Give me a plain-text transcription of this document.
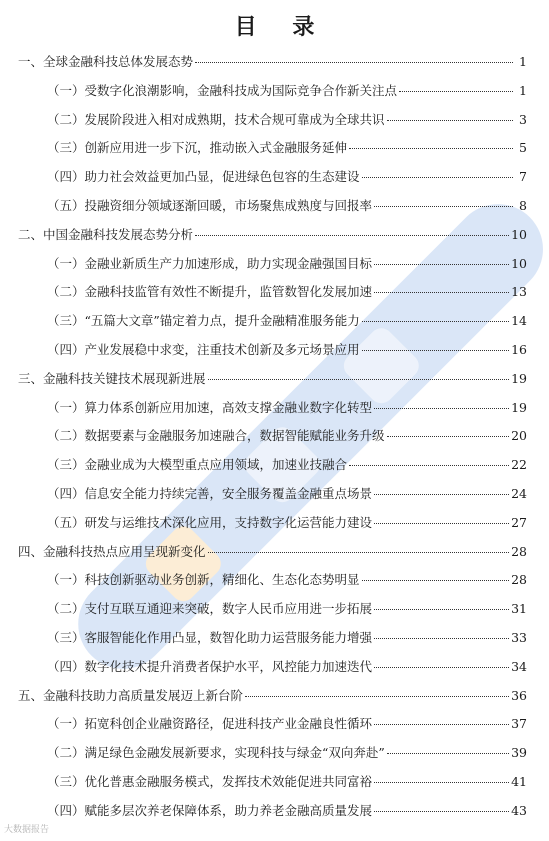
目 录
一、全球金融科技总体发展态势	1
（一）受数字化浪潮影响，金融科技成为国际竞争合作新关注点	1
（二）发展阶段进入相对成熟期，技术合规可靠成为全球共识	3
（三）创新应用进一步下沉，推动嵌入式金融服务延伸	5
（四）助力社会效益更加凸显，促进绿色包容的生态建设	7
（五）投融资细分领域逐渐回暖，市场聚焦成熟度与回报率	8
二、中国金融科技发展态势分析	10
（一）金融业新质生产力加速形成，助力实现金融强国目标	10
（二）金融科技监管有效性不断提升，监管数智化发展加速	13
（三）“五篇大文章”锚定着力点，提升金融精准服务能力	14
（四）产业发展稳中求变，注重技术创新及多元场景应用	16
三、金融科技关键技术展现新进展	19
（一）算力体系创新应用加速，高效支撑金融业数字化转型	19
（二）数据要素与金融服务加速融合，数据智能赋能业务升级	20
（三）金融业成为大模型重点应用领域，加速业技融合	22
（四）信息安全能力持续完善，安全服务覆盖金融重点场景	24
（五）研发与运维技术深化应用，支持数字化运营能力建设	27
四、金融科技热点应用呈现新变化	28
（一）科技创新驱动业务创新，精细化、生态化态势明显	28
（二）支付互联互通迎来突破，数字人民币应用进一步拓展	31
（三）客服智能化作用凸显，数智化助力运营服务能力增强	33
（四）数字化技术提升消费者保护水平，风控能力加速迭代	34
五、金融科技助力高质量发展迈上新台阶	36
（一）拓宽科创企业融资路径，促进科技产业金融良性循环	37
（二）满足绿色金融发展新要求，实现科技与绿金“双向奔赴”	39
（三）优化普惠金融服务模式，发挥技术效能促进共同富裕	41
（四）赋能多层次养老保障体系，助力养老金融高质量发展	43
大数据报告
